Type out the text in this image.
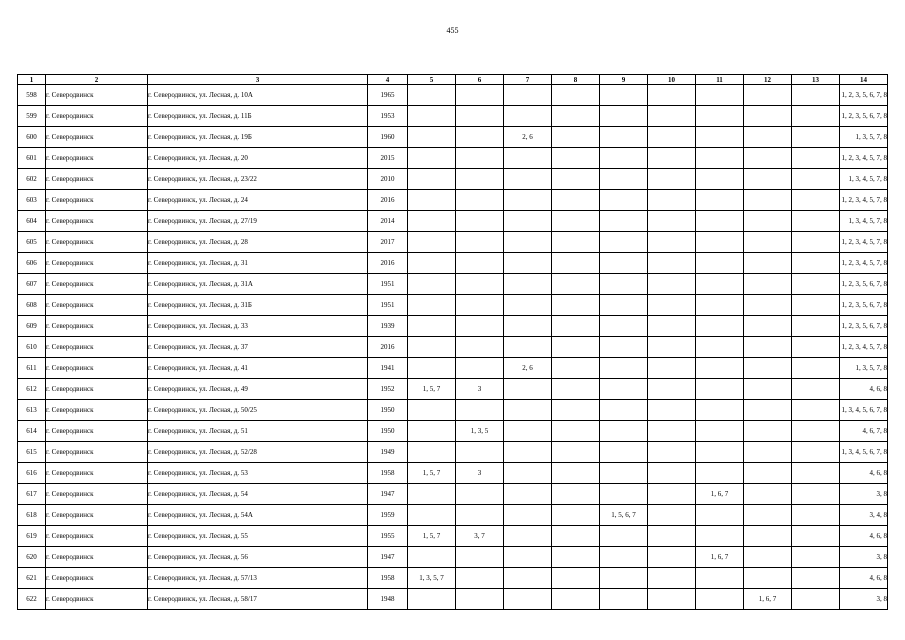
455
1	2	3	4	5	6	7	8	9	10	11	12	13	14
598	г. Северодвинск	г. Северодвинск, ул. Лесная, д. 10А	1965										1, 2, 3, 5, 6, 7, 8
599	г. Северодвинск	г. Северодвинск, ул. Лесная, д. 11Б	1953										1, 2, 3, 5, 6, 7, 8
600	г. Северодвинск	г. Северодвинск, ул. Лесная, д. 19Б	1960			2, 6							1, 3, 5, 7, 8
601	г. Северодвинск	г. Северодвинск, ул. Лесная, д. 20	2015										1, 2, 3, 4, 5, 7, 8
602	г. Северодвинск	г. Северодвинск, ул. Лесная, д. 23/22	2010										1, 3, 4, 5, 7, 8
603	г. Северодвинск	г. Северодвинск, ул. Лесная, д. 24	2016										1, 2, 3, 4, 5, 7, 8
604	г. Северодвинск	г. Северодвинск, ул. Лесная, д. 27/19	2014										1, 3, 4, 5, 7, 8
605	г. Северодвинск	г. Северодвинск, ул. Лесная, д. 28	2017										1, 2, 3, 4, 5, 7, 8
606	г. Северодвинск	г. Северодвинск, ул. Лесная, д. 31	2016										1, 2, 3, 4, 5, 7, 8
607	г. Северодвинск	г. Северодвинск, ул. Лесная, д. 31А	1951										1, 2, 3, 5, 6, 7, 8
608	г. Северодвинск	г. Северодвинск, ул. Лесная, д. 31Б	1951										1, 2, 3, 5, 6, 7, 8
609	г. Северодвинск	г. Северодвинск, ул. Лесная, д. 33	1939										1, 2, 3, 5, 6, 7, 8
610	г. Северодвинск	г. Северодвинск, ул. Лесная, д. 37	2016										1, 2, 3, 4, 5, 7, 8
611	г. Северодвинск	г. Северодвинск, ул. Лесная, д. 41	1941			2, 6							1, 3, 5, 7, 8
612	г. Северодвинск	г. Северодвинск, ул. Лесная, д. 49	1952	1, 5, 7	3								4, 6, 8
613	г. Северодвинск	г. Северодвинск, ул. Лесная, д. 50/25	1950										1, 3, 4, 5, 6, 7, 8
614	г. Северодвинск	г. Северодвинск, ул. Лесная, д. 51	1950		1, 3, 5								4, 6, 7, 8
615	г. Северодвинск	г. Северодвинск, ул. Лесная, д. 52/28	1949										1, 3, 4, 5, 6, 7, 8
616	г. Северодвинск	г. Северодвинск, ул. Лесная, д. 53	1958	1, 5, 7	3								4, 6, 8
617	г. Северодвинск	г. Северодвинск, ул. Лесная, д. 54	1947							1, 6, 7			3, 8
618	г. Северодвинск	г. Северодвинск, ул. Лесная, д. 54А	1959					1, 5, 6, 7					3, 4, 8
619	г. Северодвинск	г. Северодвинск, ул. Лесная, д. 55	1955	1, 5, 7	3, 7								4, 6, 8
620	г. Северодвинск	г. Северодвинск, ул. Лесная, д. 56	1947							1, 6, 7			3, 8
621	г. Северодвинск	г. Северодвинск, ул. Лесная, д. 57/13	1958	1, 3, 5, 7									4, 6, 8
622	г. Северодвинск	г. Северодвинск, ул. Лесная, д. 58/17	1948								1, 6, 7		3, 8
